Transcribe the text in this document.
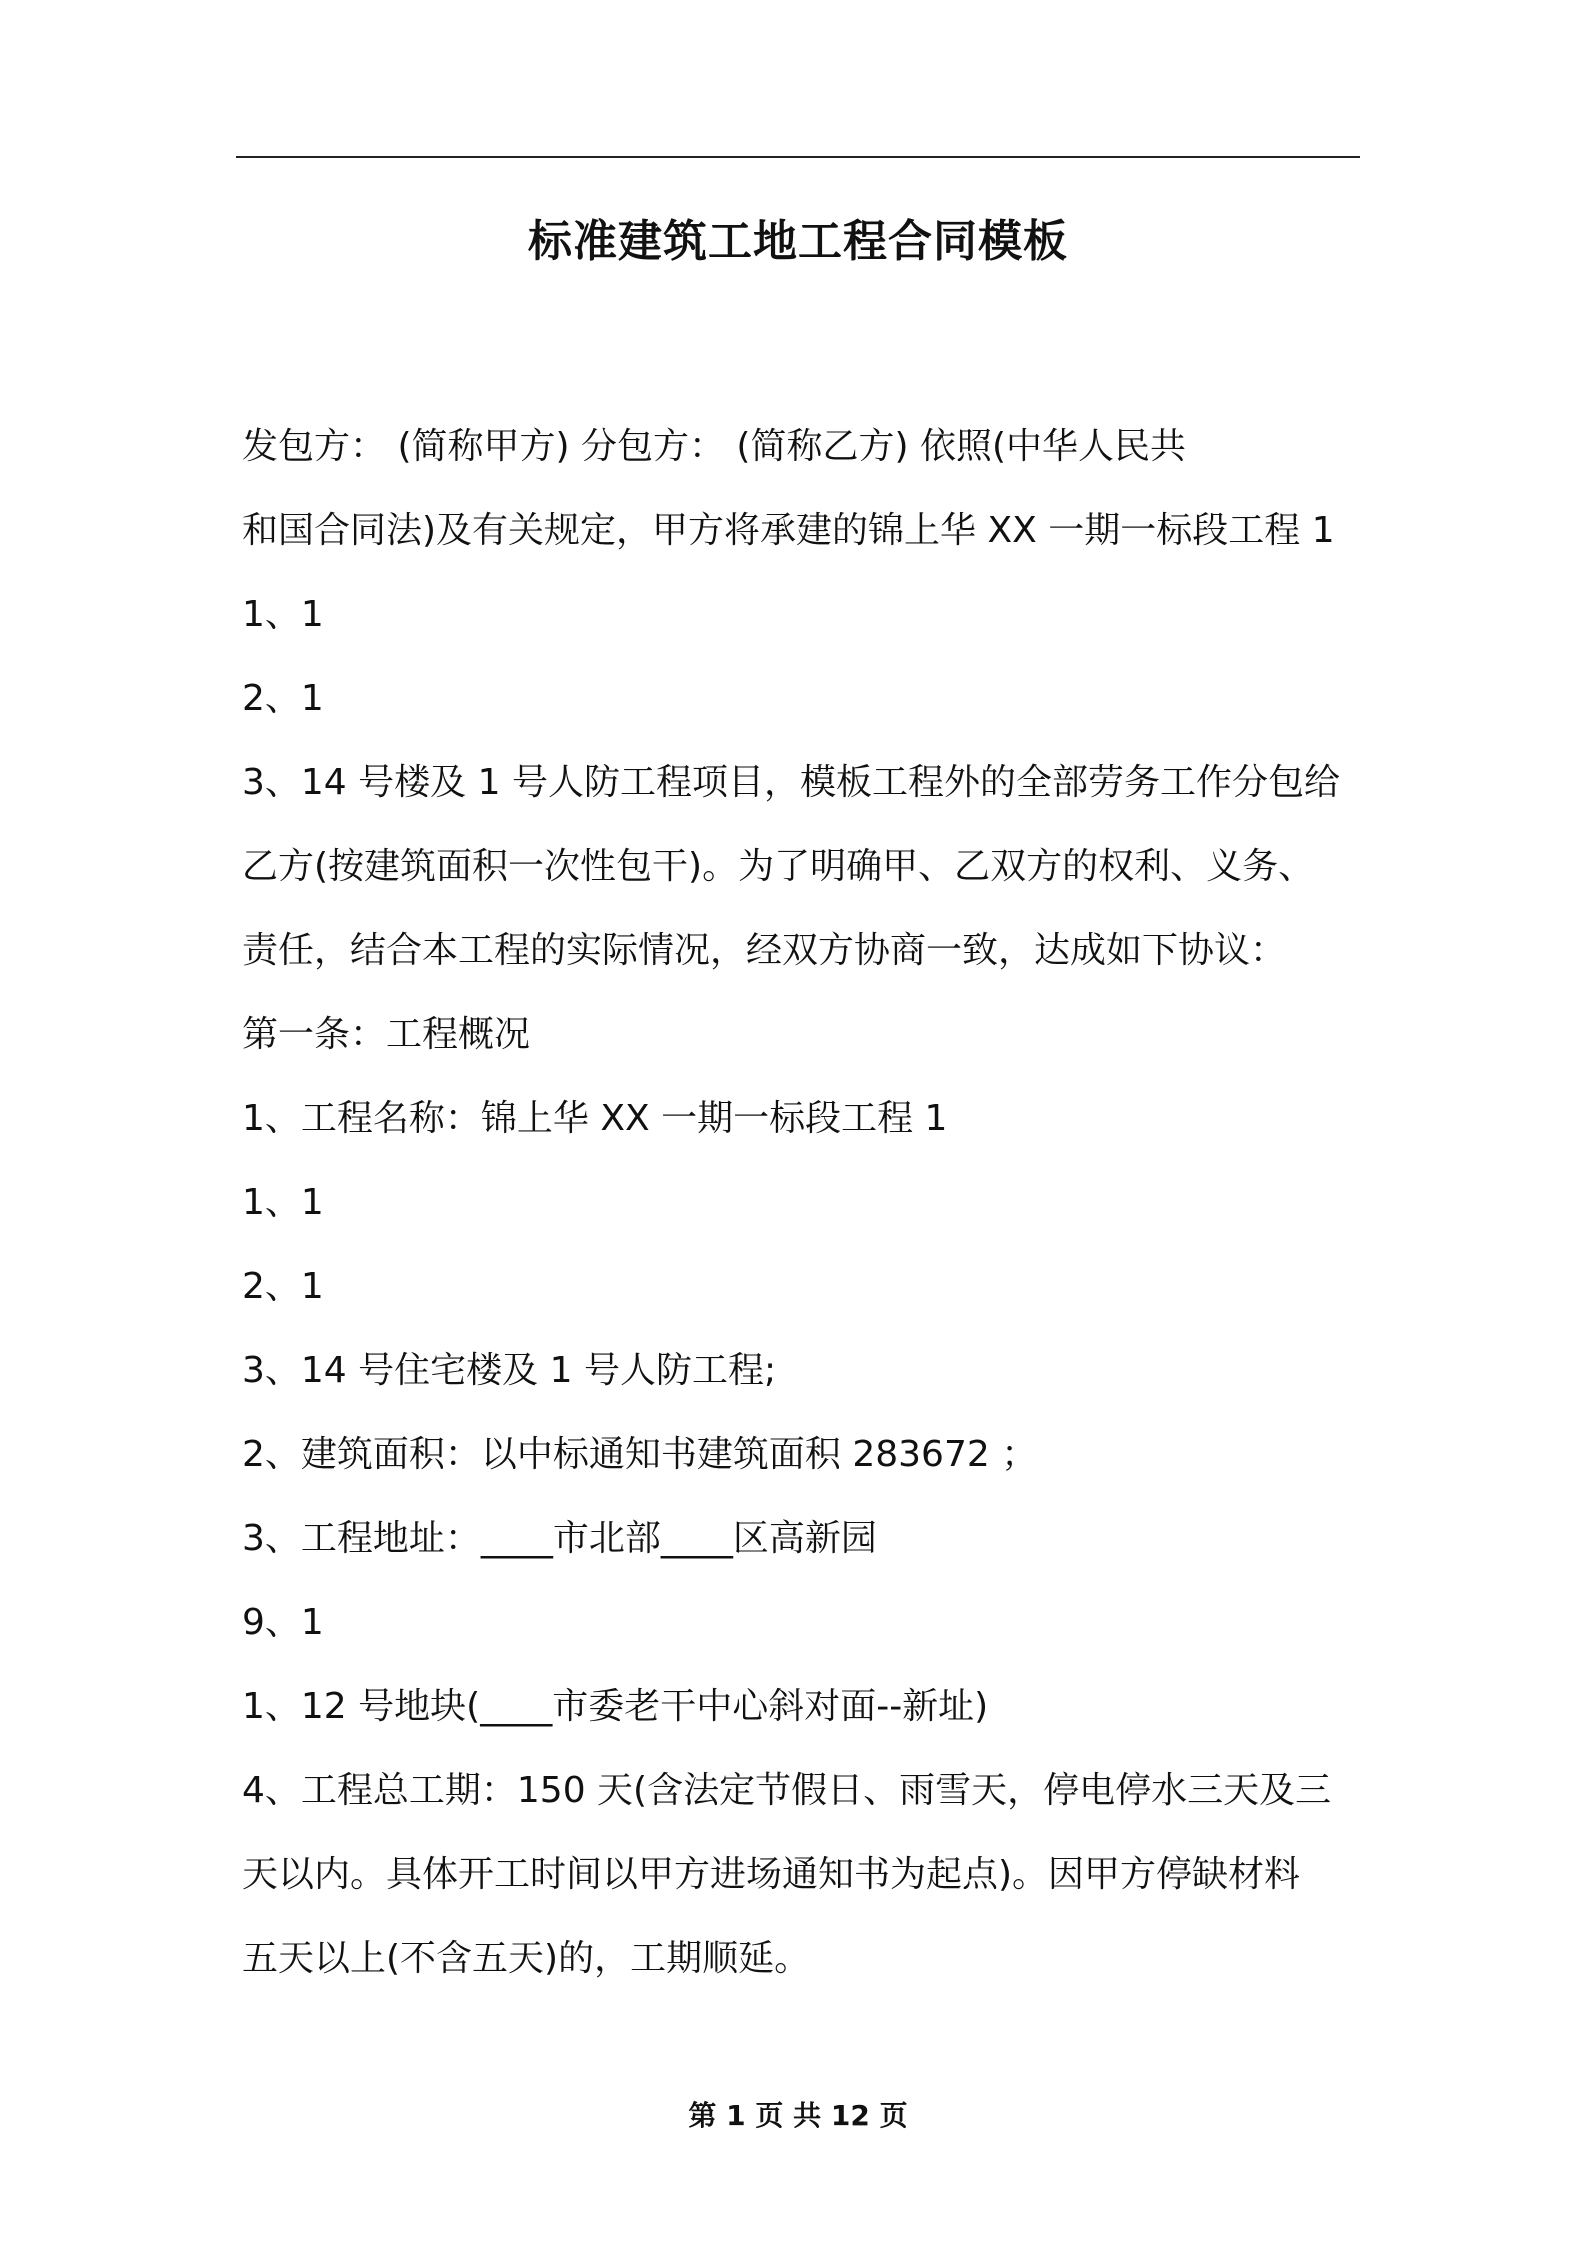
标准建筑工地工程合同模板
发包方： (简称甲方) 分包方： (简称乙方) 依照(中华人民共
和国合同法)及有关规定，甲方将承建的锦上华 XX 一期一标段工程 1
1、1
2、1
3、14 号楼及 1 号人防工程项目，模板工程外的全部劳务工作分包给
乙方(按建筑面积一次性包干)。为了明确甲、乙双方的权利、义务、
责任，结合本工程的实际情况，经双方协商一致，达成如下协议：
第一条：工程概况
1、工程名称：锦上华 XX 一期一标段工程 1
1、1
2、1
3、14 号住宅楼及 1 号人防工程;
2、建筑面积：以中标通知书建筑面积 283672 ；
3、工程地址：____市北部____区高新园
9、1
1、12 号地块(____市委老干中心斜对面--新址)
4、工程总工期：150 天(含法定节假日、雨雪天，停电停水三天及三
天以内。具体开工时间以甲方进场通知书为起点)。因甲方停缺材料
五天以上(不含五天)的，工期顺延。
第 1 页 共 12 页
